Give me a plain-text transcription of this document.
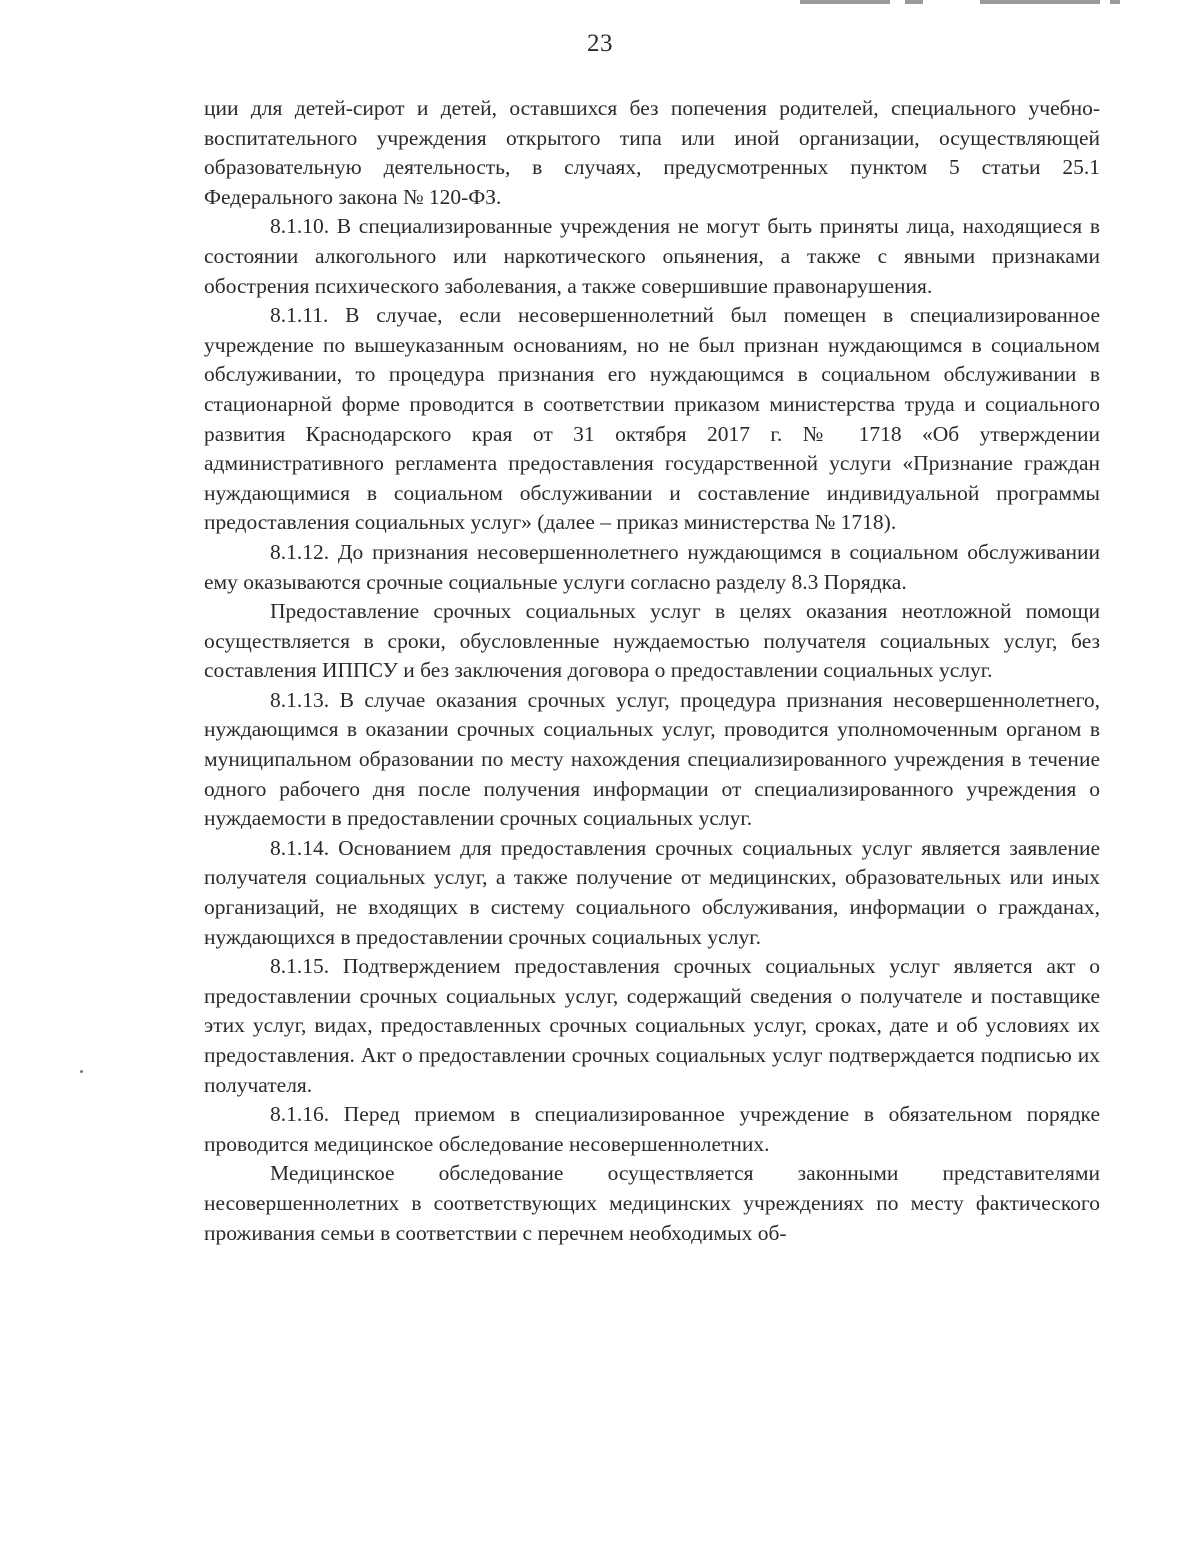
23

ции для детей-сирот и детей, оставшихся без попечения родителей, специального учебно-воспитательного учреждения открытого типа или иной организации, осуществляющей образовательную деятельность, в случаях, предусмотренных пунктом 5 статьи 25.1 Федерального закона № 120-ФЗ.

8.1.10. В специализированные учреждения не могут быть приняты лица, находящиеся в состоянии алкогольного или наркотического опьянения, а также с явными признаками обострения психического заболевания, а также совершившие правонарушения.

8.1.11. В случае, если несовершеннолетний был помещен в специализированное учреждение по вышеуказанным основаниям, но не был признан нуждающимся в социальном обслуживании, то процедура признания его нуждающимся в социальном обслуживании в стационарной форме проводится в соответствии приказом министерства труда и социального развития Краснодарского края от 31 октября 2017 г. № 1718 «Об утверждении административного регламента предоставления государственной услуги «Признание граждан нуждающимися в социальном обслуживании и составление индивидуальной программы предоставления социальных услуг» (далее – приказ министерства № 1718).

8.1.12. До признания несовершеннолетнего нуждающимся в социальном обслуживании ему оказываются срочные социальные услуги согласно разделу 8.3 Порядка.

Предоставление срочных социальных услуг в целях оказания неотложной помощи осуществляется в сроки, обусловленные нуждаемостью получателя социальных услуг, без составления ИППСУ и без заключения договора о предоставлении социальных услуг.

8.1.13. В случае оказания срочных услуг, процедура признания несовершеннолетнего, нуждающимся в оказании срочных социальных услуг, проводится уполномоченным органом в муниципальном образовании по месту нахождения специализированного учреждения в течение одного рабочего дня после получения информации от специализированного учреждения о нуждаемости в предоставлении срочных социальных услуг.

8.1.14. Основанием для предоставления срочных социальных услуг является заявление получателя социальных услуг, а также получение от медицинских, образовательных или иных организаций, не входящих в систему социального обслуживания, информации о гражданах, нуждающихся в предоставлении срочных социальных услуг.

8.1.15. Подтверждением предоставления срочных социальных услуг является акт о предоставлении срочных социальных услуг, содержащий сведения о получателе и поставщике этих услуг, видах, предоставленных срочных социальных услуг, сроках, дате и об условиях их предоставления. Акт о предоставлении срочных социальных услуг подтверждается подписью их получателя.

8.1.16. Перед приемом в специализированное учреждение в обязательном порядке проводится медицинское обследование несовершеннолетних.

Медицинское обследование осуществляется законными представителями несовершеннолетних в соответствующих медицинских учреждениях по месту фактического проживания семьи в соответствии с перечнем необходимых об-
